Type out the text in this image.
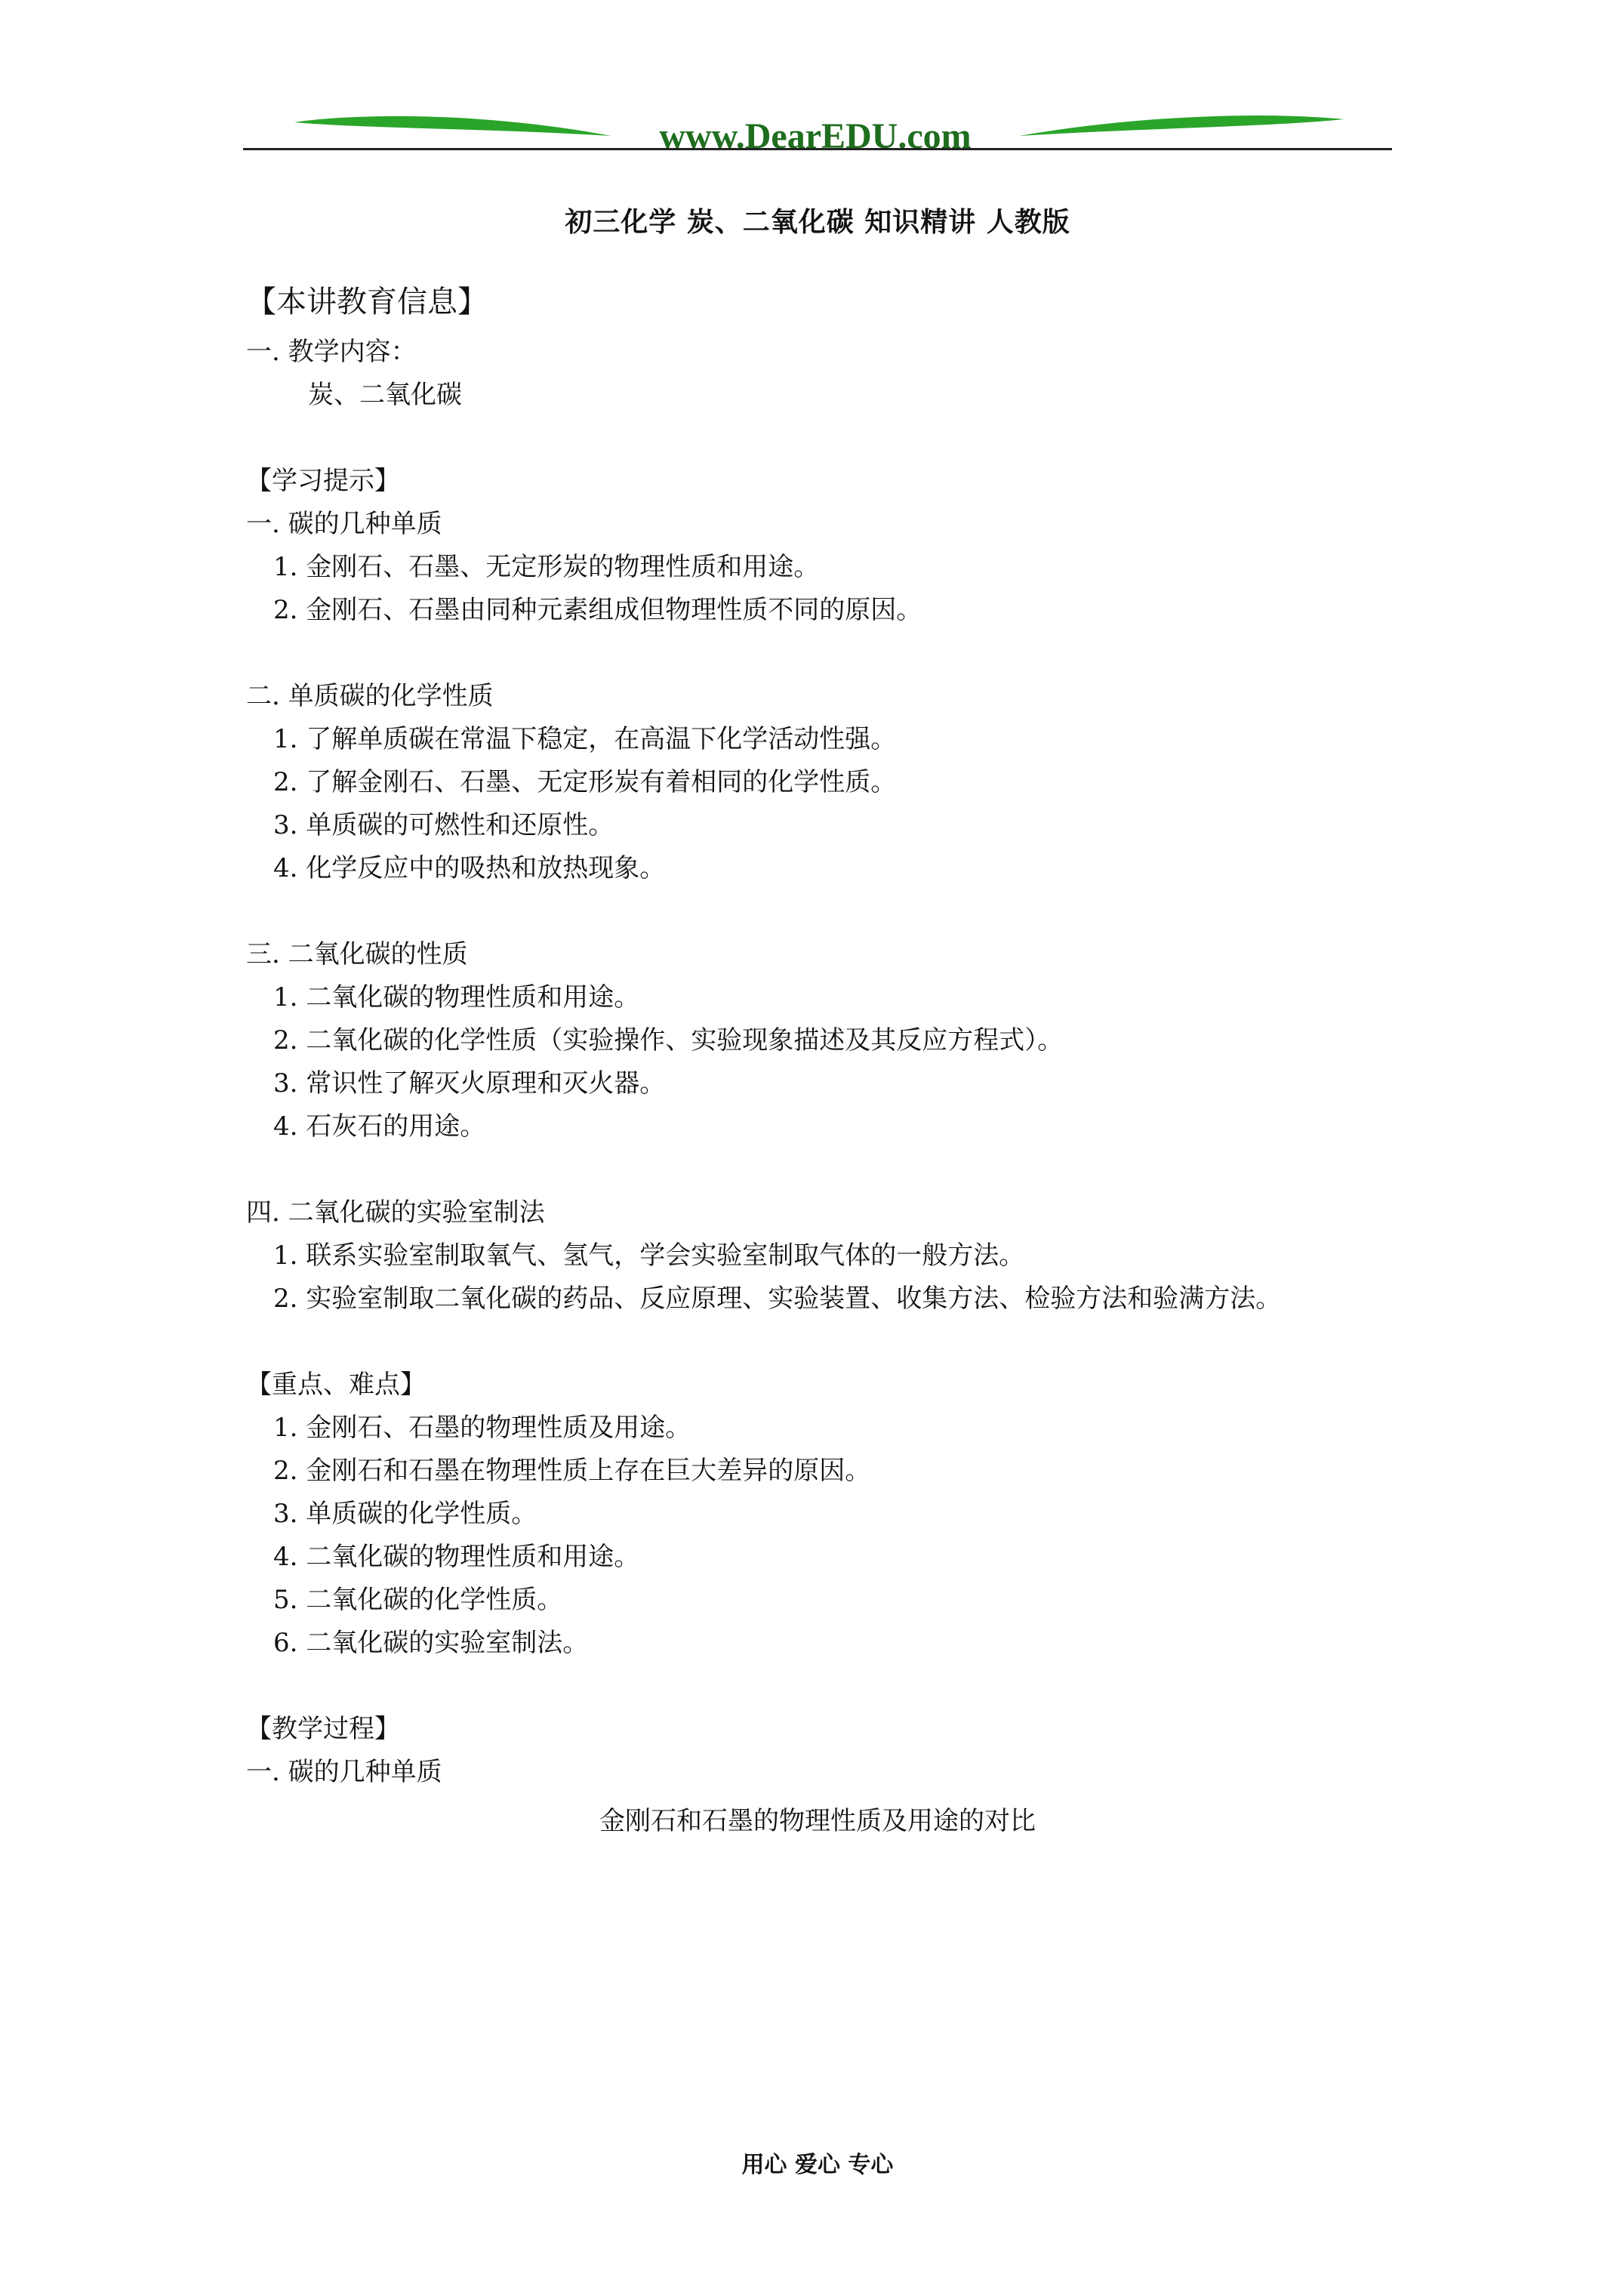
www.DearEDU.com
初三化学 炭、二氧化碳 知识精讲 人教版
【本讲教育信息】
一. 教学内容：
炭、二氧化碳
【学习提示】
一. 碳的几种单质
1. 金刚石、石墨、无定形炭的物理性质和用途。
2. 金刚石、石墨由同种元素组成但物理性质不同的原因。
二. 单质碳的化学性质
1. 了解单质碳在常温下稳定，在高温下化学活动性强。
2. 了解金刚石、石墨、无定形炭有着相同的化学性质。
3. 单质碳的可燃性和还原性。
4. 化学反应中的吸热和放热现象。
三. 二氧化碳的性质
1. 二氧化碳的物理性质和用途。
2. 二氧化碳的化学性质（实验操作、实验现象描述及其反应方程式）。
3. 常识性了解灭火原理和灭火器。
4. 石灰石的用途。
四. 二氧化碳的实验室制法
1. 联系实验室制取氧气、氢气，学会实验室制取气体的一般方法。
2. 实验室制取二氧化碳的药品、反应原理、实验装置、收集方法、检验方法和验满方法。
【重点、难点】
1. 金刚石、石墨的物理性质及用途。
2. 金刚石和石墨在物理性质上存在巨大差异的原因。
3. 单质碳的化学性质。
4. 二氧化碳的物理性质和用途。
5. 二氧化碳的化学性质。
6. 二氧化碳的实验室制法。
【教学过程】
一. 碳的几种单质
金刚石和石墨的物理性质及用途的对比
用心 爱心 专心
